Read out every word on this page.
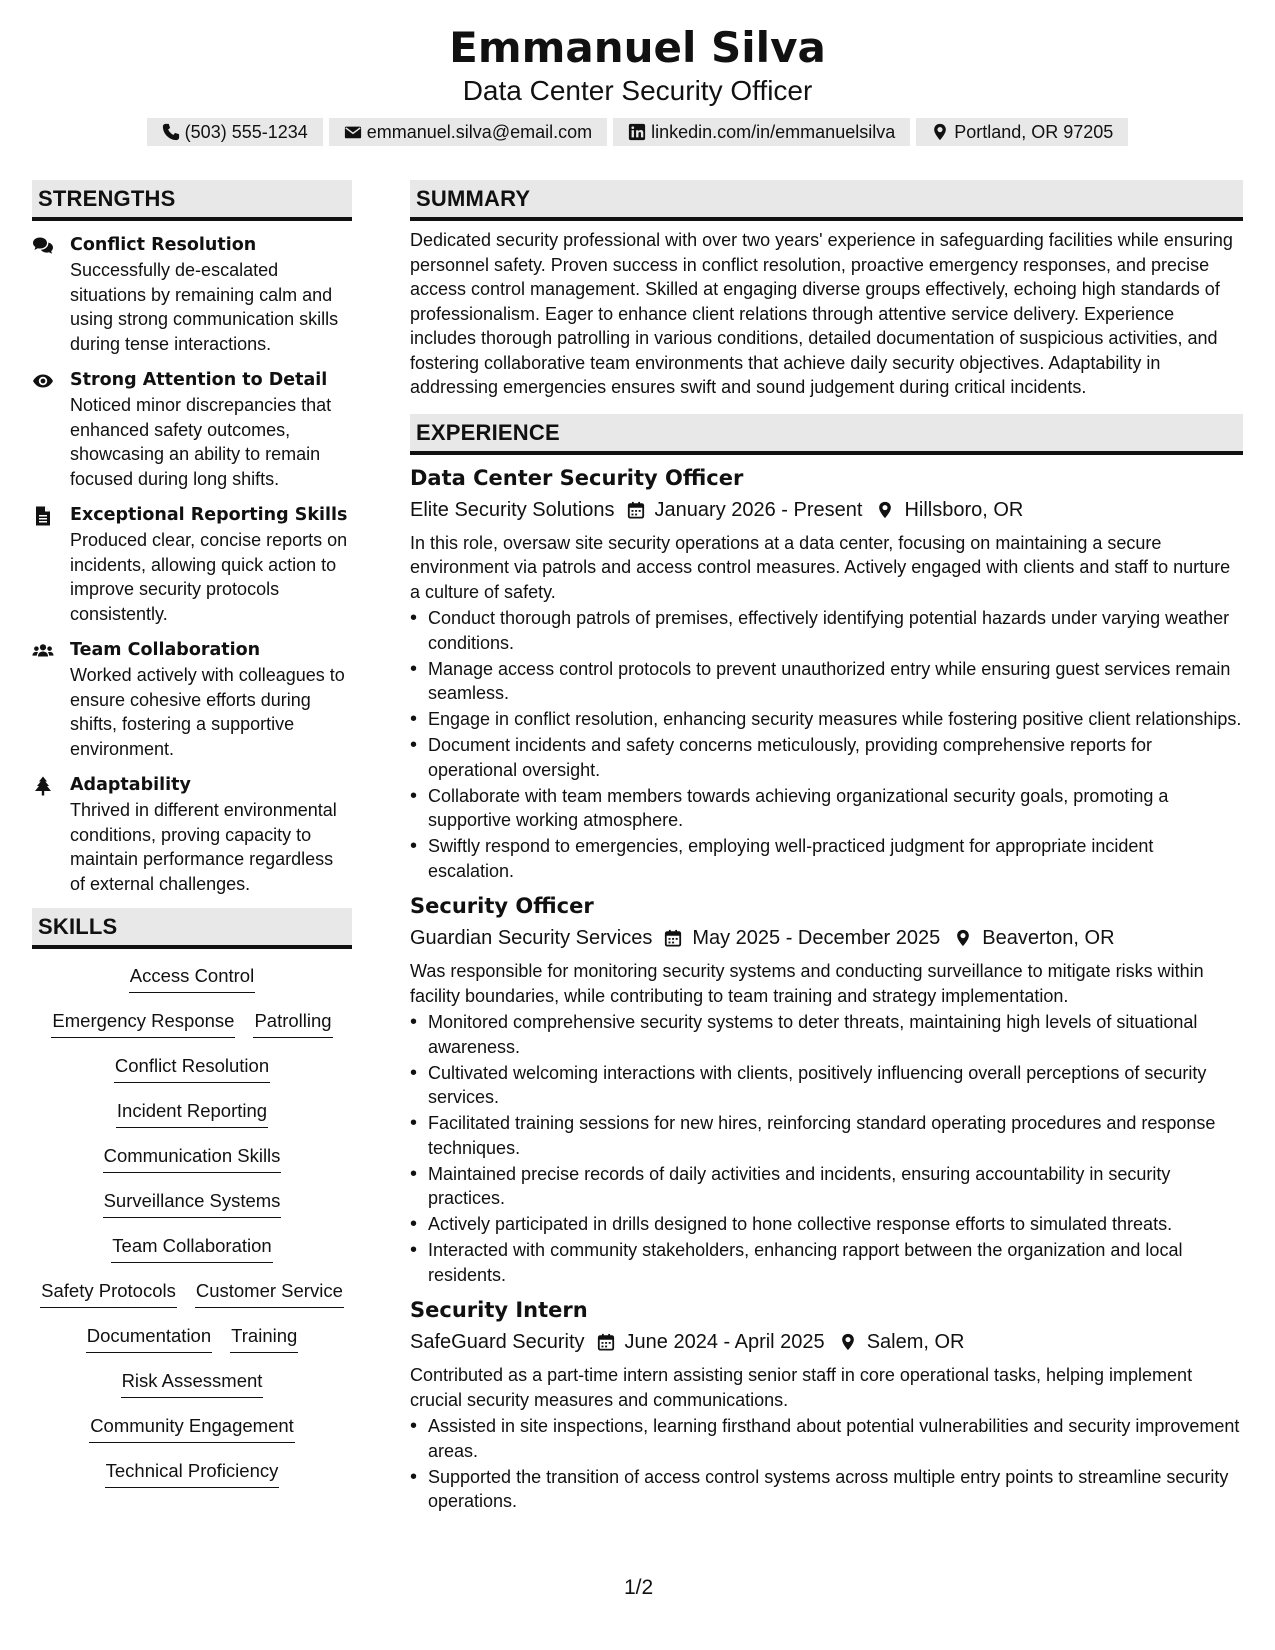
Emmanuel Silva
Data Center Security Officer
(503) 555-1234	emmanuel.silva@email.com	linkedin.com/in/emmanuelsilva	Portland, OR 97205
STRENGTHS
Conflict Resolution
Successfully de-escalated situations by remaining calm and using strong communication skills during tense interactions.
Strong Attention to Detail
Noticed minor discrepancies that enhanced safety outcomes, showcasing an ability to remain focused during long shifts.
Exceptional Reporting Skills
Produced clear, concise reports on incidents, allowing quick action to improve security protocols consistently.
Team Collaboration
Worked actively with colleagues to ensure cohesive efforts during shifts, fostering a supportive environment.
Adaptability
Thrived in different environmental conditions, proving capacity to maintain performance regardless of external challenges.
SKILLS
Access Control
Emergency Response Patrolling
Conflict Resolution
Incident Reporting
Communication Skills
Surveillance Systems
Team Collaboration
Safety Protocols Customer Service
Documentation Training
Risk Assessment
Community Engagement
Technical Proficiency
SUMMARY
Dedicated security professional with over two years' experience in safeguarding facilities while ensuring personnel safety. Proven success in conflict resolution, proactive emergency responses, and precise access control management. Skilled at engaging diverse groups effectively, echoing high standards of professionalism. Eager to enhance client relations through attentive service delivery. Experience includes thorough patrolling in various conditions, detailed documentation of suspicious activities, and fostering collaborative team environments that achieve daily security objectives. Adaptability in addressing emergencies ensures swift and sound judgement during critical incidents.
EXPERIENCE
Data Center Security Officer
Elite Security Solutions January 2026 - Present Hillsboro, OR
In this role, oversaw site security operations at a data center, focusing on maintaining a secure environment via patrols and access control measures. Actively engaged with clients and staff to nurture a culture of safety.
• Conduct thorough patrols of premises, effectively identifying potential hazards under varying weather conditions.
• Manage access control protocols to prevent unauthorized entry while ensuring guest services remain seamless.
• Engage in conflict resolution, enhancing security measures while fostering positive client relationships.
• Document incidents and safety concerns meticulously, providing comprehensive reports for operational oversight.
• Collaborate with team members towards achieving organizational security goals, promoting a supportive working atmosphere.
• Swiftly respond to emergencies, employing well-practiced judgment for appropriate incident escalation.
Security Officer
Guardian Security Services May 2025 - December 2025 Beaverton, OR
Was responsible for monitoring security systems and conducting surveillance to mitigate risks within facility boundaries, while contributing to team training and strategy implementation.
• Monitored comprehensive security systems to deter threats, maintaining high levels of situational awareness.
• Cultivated welcoming interactions with clients, positively influencing overall perceptions of security services.
• Facilitated training sessions for new hires, reinforcing standard operating procedures and response techniques.
• Maintained precise records of daily activities and incidents, ensuring accountability in security practices.
• Actively participated in drills designed to hone collective response efforts to simulated threats.
• Interacted with community stakeholders, enhancing rapport between the organization and local residents.
Security Intern
SafeGuard Security June 2024 - April 2025 Salem, OR
Contributed as a part-time intern assisting senior staff in core operational tasks, helping implement crucial security measures and communications.
• Assisted in site inspections, learning firsthand about potential vulnerabilities and security improvement areas.
• Supported the transition of access control systems across multiple entry points to streamline security operations.
1/2
